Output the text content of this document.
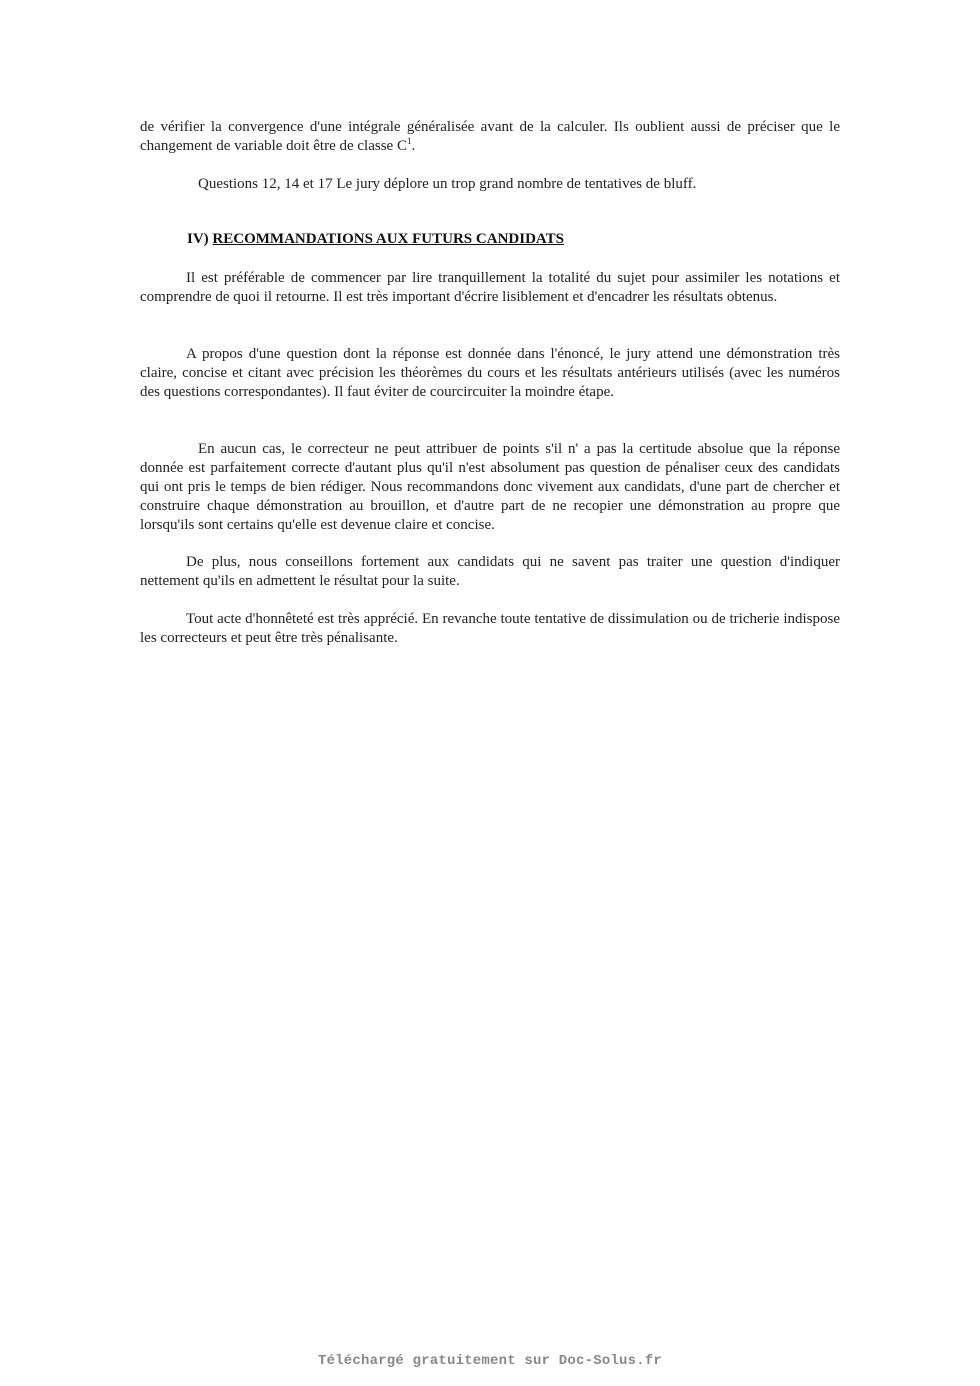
de vérifier la convergence d'une intégrale généralisée avant de la calculer. Ils oublient aussi de préciser que le changement de variable doit être de classe $C^1$.

Questions 12, 14 et 17 Le jury déplore un trop grand nombre de tentatives de bluff.

IV) RECOMMANDATIONS AUX FUTURS CANDIDATS

Il est préférable de commencer par lire tranquillement la totalité du sujet pour assimiler les notations et comprendre de quoi il retourne. Il est très important d'écrire lisiblement et d'encadrer les résultats obtenus.

A propos d'une question dont la réponse est donnée dans l'énoncé, le jury attend une démonstration très claire, concise et citant avec précision les théorèmes du cours et les résultats antérieurs utilisés (avec les numéros des questions correspondantes). Il faut éviter de courcircuiter la moindre étape.

En aucun cas, le correcteur ne peut attribuer de points s'il n' a pas la certitude absolue que la réponse donnée est parfaitement correcte d'autant plus qu'il n'est absolument pas question de pénaliser ceux des candidats qui ont pris le temps de bien rédiger. Nous recommandons donc vivement aux candidats, d'une part de chercher et construire chaque démonstration au brouillon, et d'autre part de ne recopier une démonstration au propre que lorsqu'ils sont certains qu'elle est devenue claire et concise.

De plus, nous conseillons fortement aux candidats qui ne savent pas traiter une question d'indiquer nettement qu'ils en admettent le résultat pour la suite.

Tout acte d'honnêteté est très apprécié. En revanche toute tentative de dissimulation ou de tricherie indispose les correcteurs et peut être très pénalisante.

Téléchargé gratuitement sur Doc-Solus.fr
